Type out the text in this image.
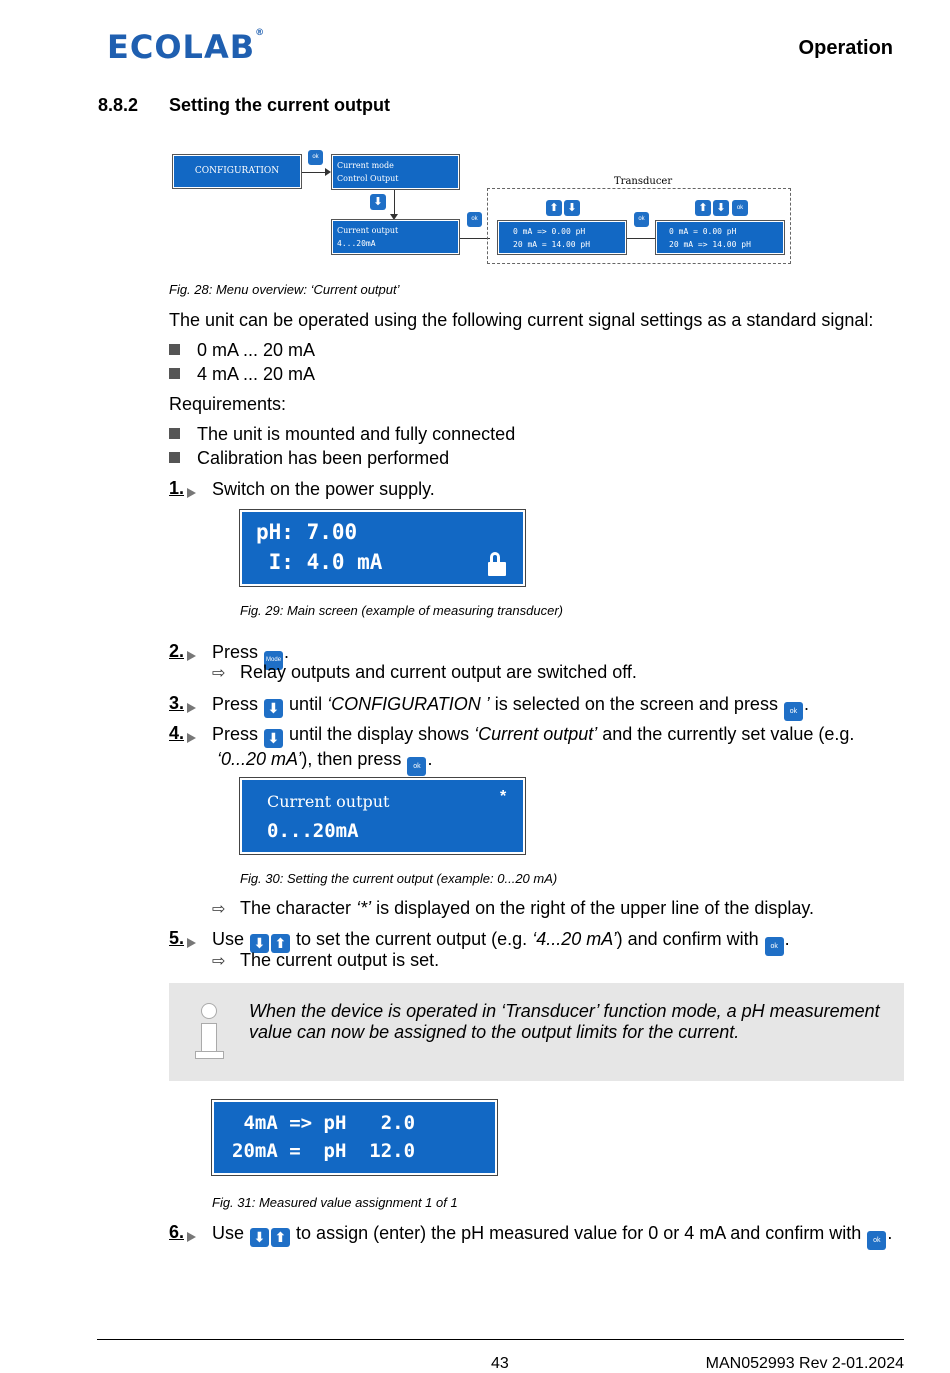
ECOLAB®
Operation
8.8.2 Setting the current output
CONFIGURATION
ok
Current mode
Control Output
⬇
Current output
4...20mA
ok
Transducer
⬆ ⬇
0 mA => 0.00 pH
20 mA = 14.00 pH
ok
⬆ ⬇	ok
0 mA = 0.00 pH
20 mA => 14.00 pH
Fig. 28: Menu overview: ‘Current output’
The unit can be operated using the following current signal settings as a standard signal:
0 mA ... 20 mA
4 mA ... 20 mA
Requirements:
The unit is mounted and fully connected
Calibration has been performed
1.	Switch on the power supply.
pH: 7.00
I: 4.0 mA
Fig. 29: Main screen (example of measuring transducer)
2.	Press Mode .
⇨ Relay outputs and current output are switched off.
3.	Press ⬇ until ‘CONFIGURATION ’ is selected on the screen and press ok .
4.	Press ⬇ until the display shows ‘Current output’ and the currently set value (e.g.
‘0...20 mA’), then press ok .
Current output	*
0...20mA
Fig. 30: Setting the current output (example: 0...20 mA)
⇨ The character ‘*’ is displayed on the right of the upper line of the display.
5.	Use ⬇ ⬆ to set the current output (e.g. ‘4...20 mA’) and confirm with ok .
⇨ The current output is set.
When the device is operated in ‘Transducer’ function mode, a pH measurement value can now be assigned to the output limits for the current.
4mA => pH   2.0
20mA =  pH  12.0
Fig. 31: Measured value assignment 1 of 1
6.	Use ⬇ ⬆ to assign (enter) the pH measured value for 0 or 4 mA and confirm with ok .
43	MAN052993 Rev 2-01.2024
